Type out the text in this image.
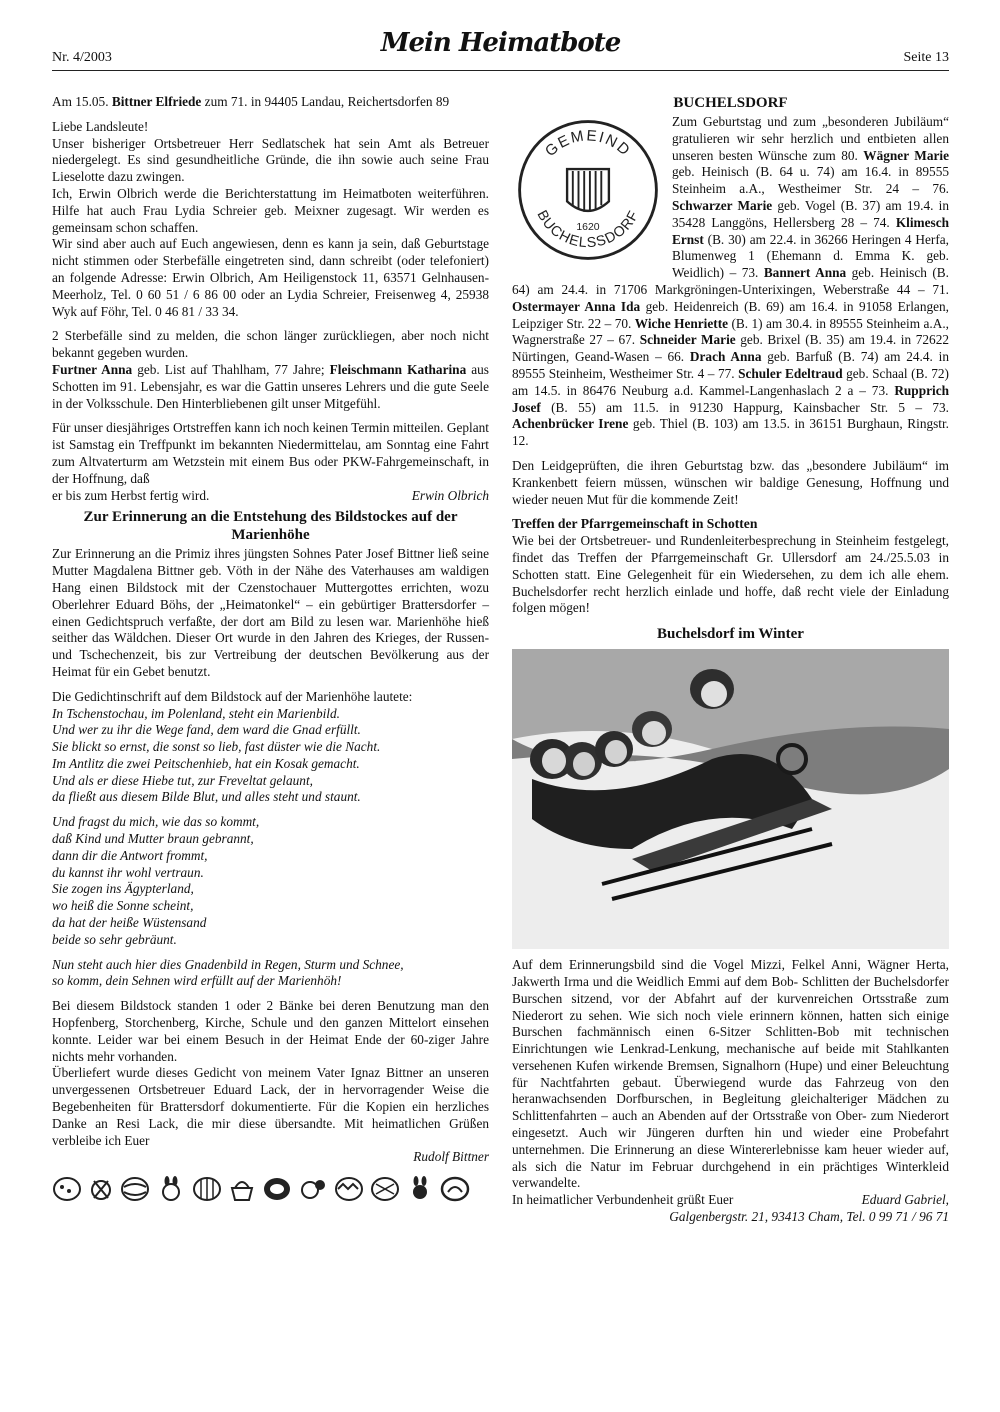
Nr. 4/2003	Mein Heimatbote	Seite 13

Am 15.05. Bittner Elfriede zum 71. in 94405 Landau, Reichertsdorfen 89

Liebe Landsleute!

Unser bisheriger Ortsbetreuer Herr Sedlatschek hat sein Amt als Betreuer niedergelegt. Es sind gesundheitliche Gründe, die ihn sowie auch seine Frau Lieselotte dazu zwingen.

Ich, Erwin Olbrich werde die Berichterstattung im Heimatboten weiterführen. Hilfe hat auch Frau Lydia Schreier geb. Meixner zugesagt. Wir werden es gemeinsam schon schaffen.

Wir sind aber auch auf Euch angewiesen, denn es kann ja sein, daß Geburtstage nicht stimmen oder Sterbefälle eingetreten sind, dann schreibt (oder telefoniert) an folgende Adresse: Erwin Olbrich, Am Heiligenstock 11, 63571 Gelnhausen-Meerholz, Tel. 0 60 51 / 6 86 00 oder an Lydia Schreier, Freisenweg 4, 25938 Wyk auf Föhr, Tel. 0 46 81 / 33 34.

2 Sterbefälle sind zu melden, die schon länger zurückliegen, aber noch nicht bekannt gegeben wurden.

Furtner Anna geb. List auf Thahlham, 77 Jahre; Fleischmann Katharina aus Schotten im 91. Lebensjahr, es war die Gattin unseres Lehrers und die gute Seele in der Volksschule. Den Hinterbliebenen gilt unser Mitgefühl.

Für unser diesjähriges Ortstreffen kann ich noch keinen Termin mitteilen. Geplant ist Samstag ein Treffpunkt im bekannten Niedermittelau, am Sonntag eine Fahrt zum Altvaterturm am Wetzstein mit einem Bus oder PKW-Fahrgemeinschaft, in der Hoffnung, daß

er bis zum Herbst fertig wird.	Erwin Olbrich
Zur Erinnerung an die Entstehung des Bildstockes auf der Marienhöhe

Zur Erinnerung an die Primiz ihres jüngsten Sohnes Pater Josef Bittner ließ seine Mutter Magdalena Bittner geb. Vöth in der Nähe des Vaterhauses am waldigen Hang einen Bildstock mit der Czenstochauer Muttergottes errichten, wozu Oberlehrer Eduard Böhs, der „Heimatonkel“ – ein gebürtiger Brattersdorfer – einen Gedichtspruch verfaßte, der dort am Bild zu lesen war. Marienhöhe hieß seither das Wäldchen. Dieser Ort wurde in den Jahren des Krieges, der Russen- und Tschechenzeit, bis zur Vertreibung der deutschen Bevölkerung aus der Heimat für ein Gebet benutzt.

Die Gedichtinschrift auf dem Bildstock auf der Marienhöhe lautete:

In Tschenstochau, im Polenland, steht ein Marienbild.
Und wer zu ihr die Wege fand, dem ward die Gnad erfüllt.
Sie blickt so ernst, die sonst so lieb, fast düster wie die Nacht.
Im Antlitz die zwei Peitschenhieb, hat ein Kosak gemacht.
Und als er diese Hiebe tut, zur Freveltat gelaunt,
da fließt aus diesem Bilde Blut, und alles steht und staunt.
Und fragst du mich, wie das so kommt,
daß Kind und Mutter braun gebrannt,
dann dir die Antwort frommt,
du kannst ihr wohl vertraun.
Sie zogen ins Ägypterland,
wo heiß die Sonne scheint,
da hat der heiße Wüstensand
beide so sehr gebräunt.
Nun steht auch hier dies Gnadenbild in Regen, Sturm und Schnee,
so komm, dein Sehnen wird erfüllt auf der Marienhöh!

Bei diesem Bildstock standen 1 oder 2 Bänke bei deren Benutzung man den Hopfenberg, Storchenberg, Kirche, Schule und den ganzen Mittelort einsehen konnte. Leider war bei einem Besuch in der Heimat Ende der 60-ziger Jahre nichts mehr vorhanden.

Überliefert wurde dieses Gedicht von meinem Vater Ignaz Bittner an unseren unvergessenen Ortsbetreuer Eduard Lack, der in hervorragender Weise die Begebenheiten für Brattersdorf dokumentierte. Für die Kopien ein herzliches Danke an Resi Lack, die mir diese übersandte. Mit heimatlichen Grüßen verbleibe ich Euer

Rudolf Bittner
BUCHELSDORF
GEMEIND
BUCHELSSDORF
1620

Zum Geburtstag und zum „besonderen Jubiläum“ gratulieren wir sehr herzlich und entbieten allen unseren besten Wünsche zum 80. Wägner Marie geb. Heinisch (B. 64 u. 74) am 16.4. in 89555 Steinheim a.A., Westheimer Str. 24 – 76. Schwarzer Marie geb. Vogel (B. 37) am 19.4. in 35428 Langgöns, Hellersberg 28 – 74. Klimesch Ernst (B. 30) am 22.4. in 36266 Heringen 4 Herfa, Blumenweg 1 (Ehemann d. Emma K. geb. Weidlich) – 73. Bannert Anna geb. Heinisch (B. 64) am 24.4. in 71706 Markgröningen-Unterixingen, Weberstraße 44 – 71. Ostermayer Anna Ida geb. Heidenreich (B. 69) am 16.4. in 91058 Erlangen, Leipziger Str. 22 – 70. Wiche Henriette (B. 1) am 30.4. in 89555 Steinheim a.A., Wagnerstraße 27 – 67. Schneider Marie geb. Brixel (B. 35) am 19.4. in 72622 Nürtingen, Geand-Wasen – 66. Drach Anna geb. Barfuß (B. 74) am 24.4. in 89555 Steinheim, Westheimer Str. 4 – 77. Schuler Edeltraud geb. Schaal (B. 72) am 14.5. in 86476 Neuburg a.d. Kammel-Langenhaslach 2 a – 73. Rupprich Josef (B. 55) am 11.5. in 91230 Happurg, Kainsbacher Str. 5 – 73. Achenbrücker Irene geb. Thiel (B. 103) am 13.5. in 36151 Burghaun, Ringstr. 12.

Den Leidgeprüften, die ihren Geburtstag bzw. das „besondere Jubiläum“ im Krankenbett feiern müssen, wünschen wir baldige Genesung, Hoffnung und wieder neuen Mut für die kommende Zeit!

Treffen der Pfarrgemeinschaft in Schotten

Wie bei der Ortsbetreuer- und Rundenleiterbesprechung in Steinheim festgelegt, findet das Treffen der Pfarrgemeinschaft Gr. Ullersdorf am 24./25.5.03 in Schotten statt. Eine Gelegenheit für ein Wiedersehen, zu dem ich alle ehem. Buchelsdorfer recht herzlich einlade und hoffe, daß recht viele der Einladung folgen mögen!

Buchelsdorf im Winter

Auf dem Erinnerungsbild sind die Vogel Mizzi, Felkel Anni, Wägner Herta, Jakwerth Irma und die Weidlich Emmi auf dem Bob- Schlitten der Buchelsdorfer Burschen sitzend, vor der Abfahrt auf der kurvenreichen Ortsstraße zum Niederort zu sehen. Wie sich noch viele erinnern können, hatten sich einige Burschen fachmännisch einen 6-Sitzer Schlitten-Bob mit technischen Einrichtungen wie Lenkrad-Lenkung, mechanische auf beide mit Stahlkanten versehenen Kufen wirkende Bremsen, Signalhorn (Hupe) und einer Beleuchtung für Nachtfahrten gebaut. Überwiegend wurde das Fahrzeug von den heranwachsenden Dorfburschen, in Begleitung gleichalteriger Mädchen zu Schlittenfahrten – auch an Abenden auf der Ortsstraße von Ober- zum Niederort eingesetzt. Auch wir Jüngeren durften hin und wieder eine Probefahrt unternehmen. Die Erinnerung an diese Wintererlebnisse kam heuer wieder auf, als sich die Natur im Februar durchgehend in ein prächtiges Winterkleid verwandelte.

In heimatlicher Verbundenheit grüßt Euer	Eduard Gabriel,
Galgenbergstr. 21, 93413 Cham, Tel. 0 99 71 / 96 71
